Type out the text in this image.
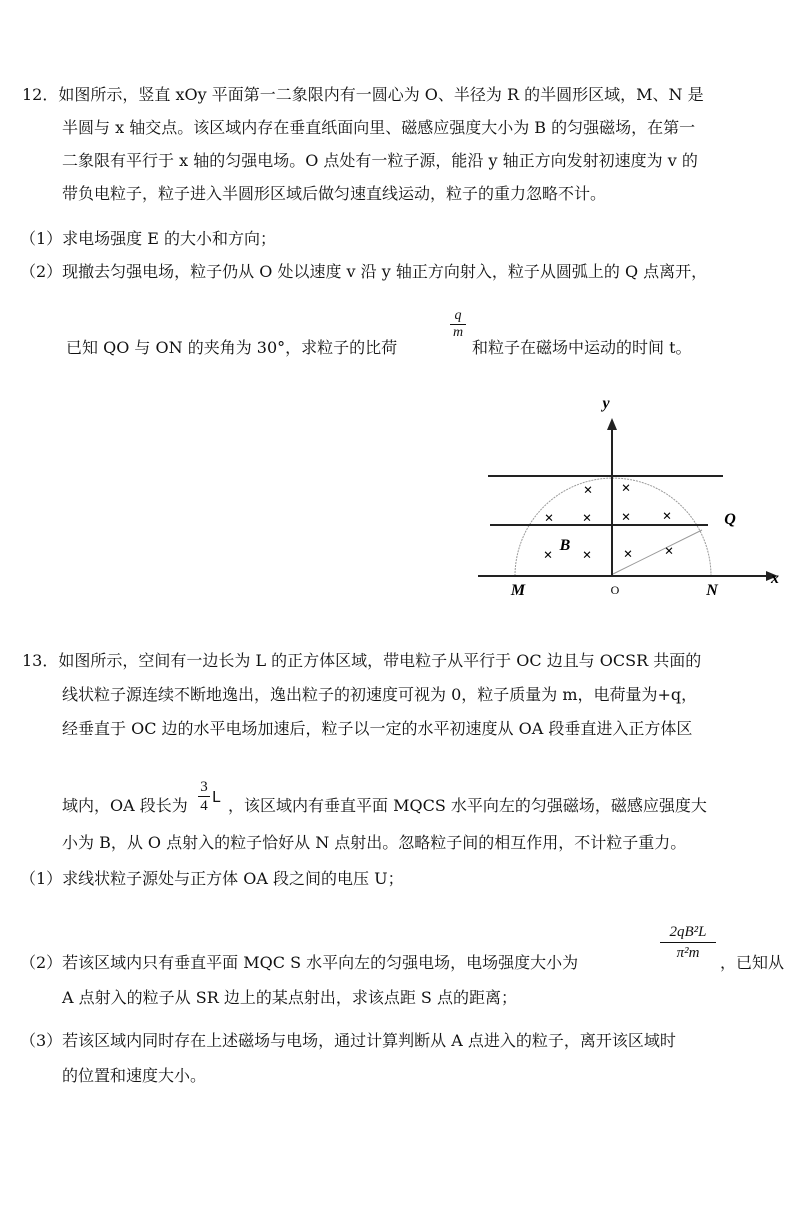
12．如图所示，竖直 xOy 平面第一二象限内有一圆心为 O、半径为 R 的半圆形区域，M、N 是
半圆与 x 轴交点。该区域内存在垂直纸面向里、磁感应强度大小为 B 的匀强磁场，在第一
二象限有平行于 x 轴的匀强电场。O 点处有一粒子源，能沿 y 轴正方向发射初速度为 v 的
带负电粒子，粒子进入半圆形区域后做匀速直线运动，粒子的重力忽略不计。
（1）求电场强度 E 的大小和方向；
（2）现撤去匀强电场，粒子仍从 O 处以速度 v 沿 y 轴正方向射入，粒子从圆弧上的 Q 点离开，
已知 QO 与 ON 的夹角为 30°，求粒子的比荷
$\frac{q}{m}$
和粒子在磁场中运动的时间 t。
× ×
× × × ×
× × × ×
y
x
M	N
Q
B
O
13．如图所示，空间有一边长为 L 的正方体区域，带电粒子从平行于 OC 边且与 OCSR 共面的
线状粒子源连续不断地逸出，逸出粒子的初速度可视为 0，粒子质量为 m，电荷量为+q，
经垂直于 OC 边的水平电场加速后，粒子以一定的水平初速度从 OA 段垂直进入正方体区
域内，OA 段长为 $\frac{3}{4}$ L ，该区域内有垂直平面 MQCS 水平向左的匀强磁场，磁感应强度大
小为 B，从 O 点射入的粒子恰好从 N 点射出。忽略粒子间的相互作用，不计粒子重力。
（1）求线状粒子源处与正方体 OA 段之间的电压 U；
（2）若该区域内只有垂直平面 MQC S 水平向左的匀强电场，电场强度大小为	$\frac{\text{2qB²L}}{\text{π²m}}$ ，已知从
A 点射入的粒子从 SR 边上的某点射出，求该点距 S 点的距离；
（3）若该区域内同时存在上述磁场与电场，通过计算判断从 A 点进入的粒子，离开该区域时
的位置和速度大小。
